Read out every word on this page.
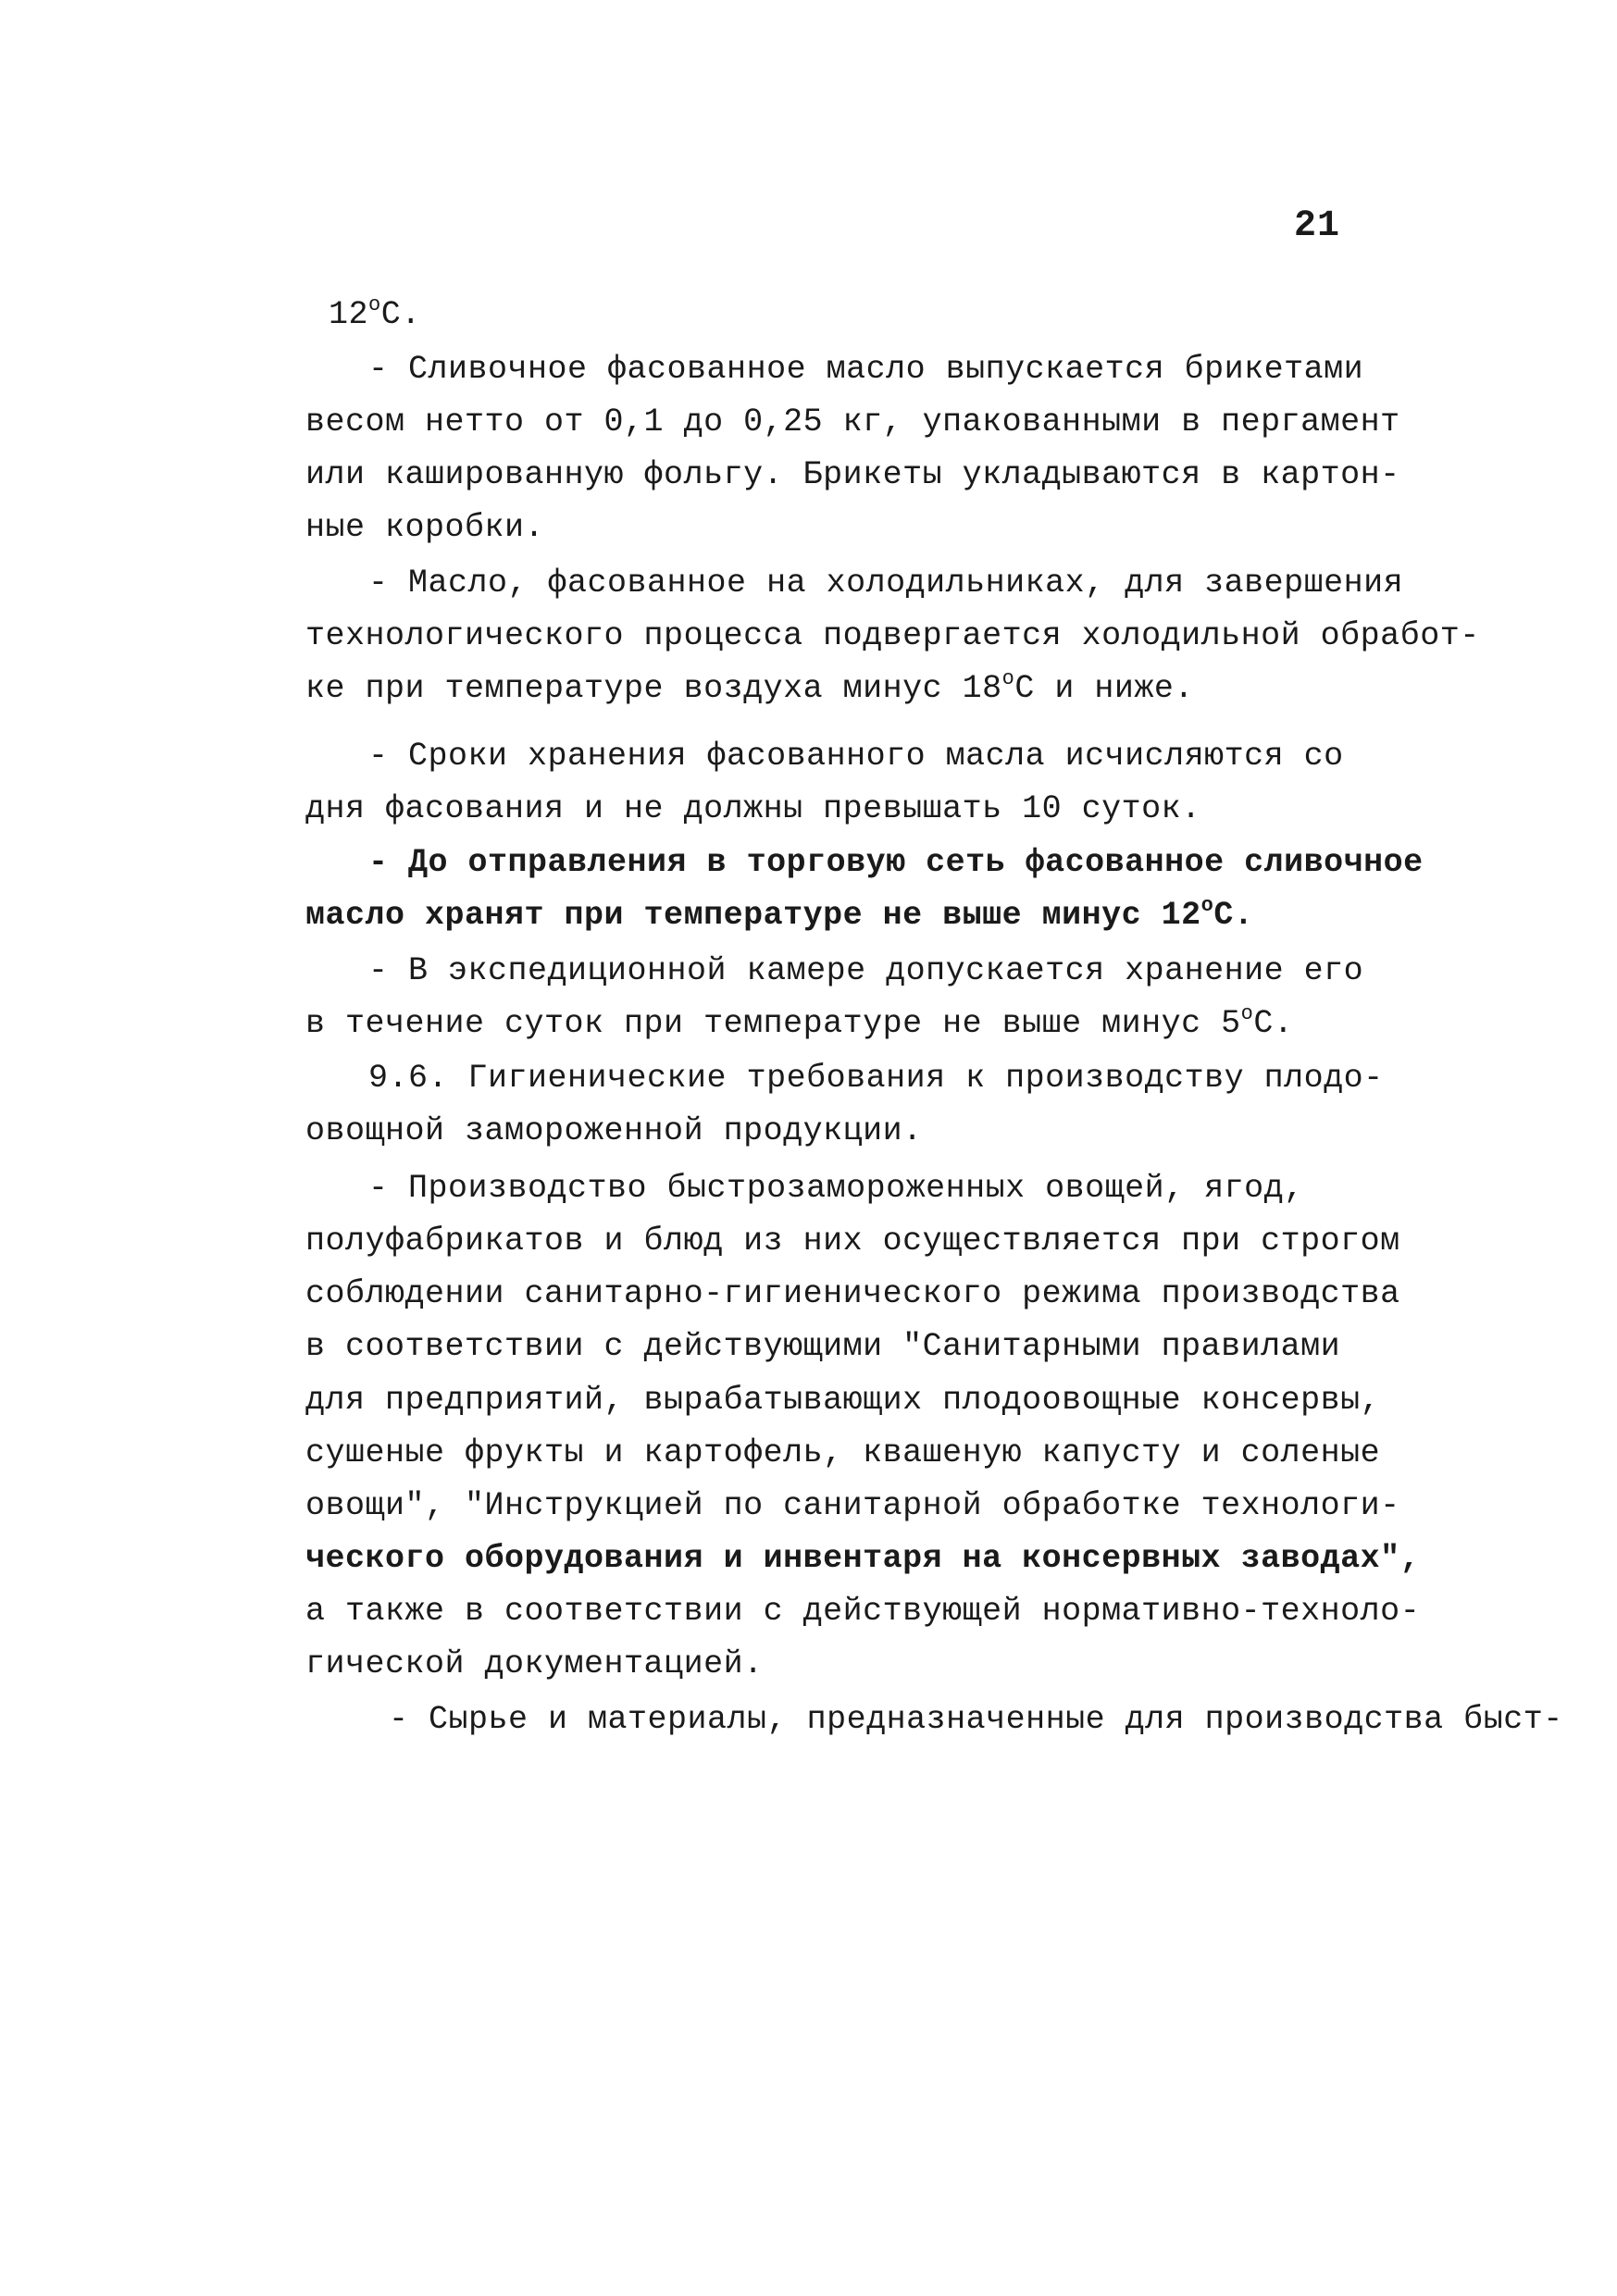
21
12$^o$C.
- Сливочное фасованное масло выпускается брикетами
весом нетто от 0,1 до 0,25 кг, упакованными в пергамент
или кашированную фольгу. Брикеты укладываются в картон-
ные коробки.
- Масло, фасованное на холодильниках, для завершения
технологического процесса подвергается холодильной обработ-
ке при температуре воздуха минус 18$^o$С и ниже.
- Сроки хранения фасованного масла исчисляются со
дня фасования и не должны превышать 10 суток.
- До отправления в торговую сеть фасованное сливочное
масло хранят при температуре не выше минус 12$^o$С.
- В экспедиционной камере допускается хранение его
в течение суток при температуре не выше минус 5$^o$С.
9.6. Гигиенические требования к производству плодо-
овощной замороженной продукции.
- Производство быстрозамороженных овощей, ягод,
полуфабрикатов и блюд из них осуществляется при строгом
соблюдении санитарно-гигиенического режима производства
в соответствии с действующими "Санитарными правилами
для предприятий, вырабатывающих плодоовощные консервы,
сушеные фрукты и картофель, квашеную капусту и соленые
овощи", "Инструкцией по санитарной обработке технологи-
ческого оборудования и инвентаря на консервных заводах",
а также в соответствии с действующей нормативно-техноло-
гической документацией.
- Сырье и материалы, предназначенные для производства быст-
